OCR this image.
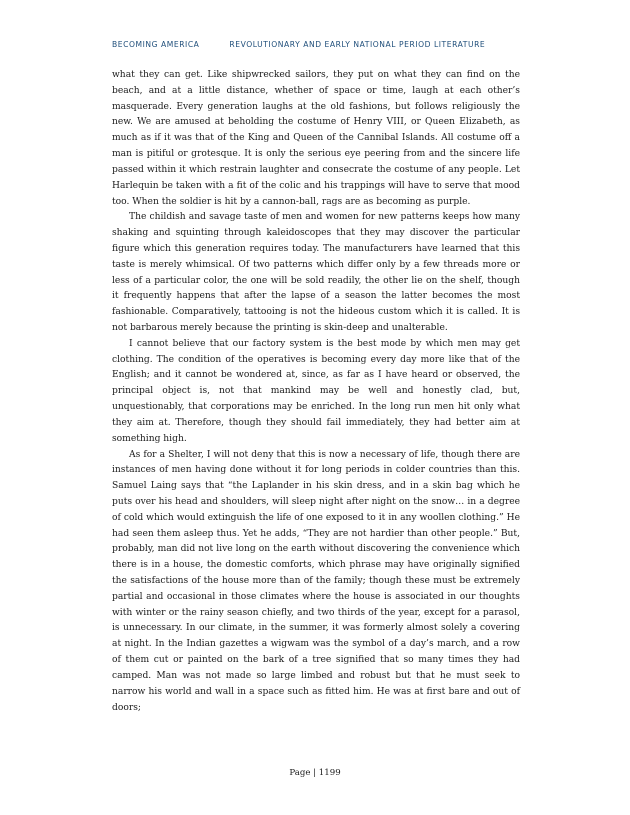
BECOMING AMERICA	REVOLUTIONARY AND EARLY NATIONAL PERIOD LITERATURE

what they can get. Like shipwrecked sailors, they put on what they can find on the beach, and at a little distance, whether of space or time, laugh at each other’s masquerade. Every generation laughs at the old fashions, but follows religiously the new. We are amused at beholding the costume of Henry VIII, or Queen Elizabeth, as much as if it was that of the King and Queen of the Cannibal Islands. All costume off a man is pitiful or grotesque. It is only the serious eye peering from and the sincere life passed within it which restrain laughter and consecrate the costume of any people. Let Harlequin be taken with a fit of the colic and his trappings will have to serve that mood too. When the soldier is hit by a cannon-ball, rags are as becoming as purple.

The childish and savage taste of men and women for new patterns keeps how many shaking and squinting through kaleidoscopes that they may discover the particular figure which this generation requires today. The manufacturers have learned that this taste is merely whimsical. Of two patterns which differ only by a few threads more or less of a particular color, the one will be sold readily, the other lie on the shelf, though it frequently happens that after the lapse of a season the latter becomes the most fashionable. Comparatively, tattooing is not the hideous custom which it is called. It is not barbarous merely because the printing is skin-deep and unalterable.

I cannot believe that our factory system is the best mode by which men may get clothing. The condition of the operatives is becoming every day more like that of the English; and it cannot be wondered at, since, as far as I have heard or observed, the principal object is, not that mankind may be well and honestly clad, but, unquestionably, that corporations may be enriched. In the long run men hit only what they aim at. Therefore, though they should fail immediately, they had better aim at something high.

As for a Shelter, I will not deny that this is now a necessary of life, though there are instances of men having done without it for long periods in colder countries than this. Samuel Laing says that “the Laplander in his skin dress, and in a skin bag which he puts over his head and shoulders, will sleep night after night on the snow… in a degree of cold which would extinguish the life of one exposed to it in any woollen clothing.” He had seen them asleep thus. Yet he adds, “They are not hardier than other people.” But, probably, man did not live long on the earth without discovering the convenience which there is in a house, the domestic comforts, which phrase may have originally signified the satisfactions of the house more than of the family; though these must be extremely partial and occasional in those climates where the house is associated in our thoughts with winter or the rainy season chiefly, and two thirds of the year, except for a parasol, is unnecessary. In our climate, in the summer, it was formerly almost solely a covering at night. In the Indian gazettes a wigwam was the symbol of a day’s march, and a row of them cut or painted on the bark of a tree signified that so many times they had camped. Man was not made so large limbed and robust but that he must seek to narrow his world and wall in a space such as fitted him. He was at first bare and out of doors;

Page | 1199
